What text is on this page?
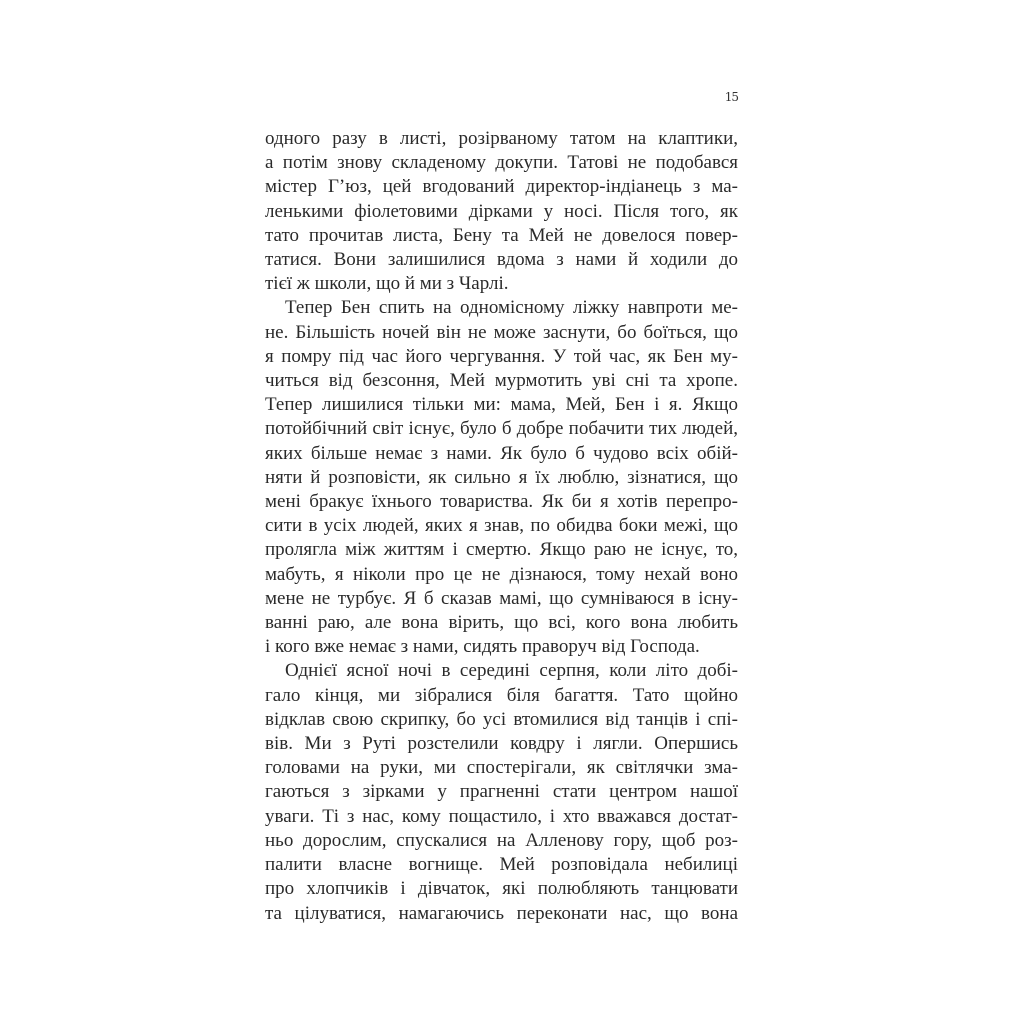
15
одного разу в листі, розірваному татом на клаптики,
а потім знову складеному докупи. Татові не подобався
містер Г’юз, цей вгодований директор-індіанець з ма-
ленькими фіолетовими дірками у носі. Після того, як
тато прочитав листа, Бену та Мей не довелося повер-
татися. Вони залишилися вдома з нами й ходили до
тієї ж школи, що й ми з Чарлі.
Тепер Бен спить на одномісному ліжку навпроти ме-
не. Більшість ночей він не може заснути, бо боїться, що
я помру під час його чергування. У той час, як Бен му-
читься від безсоння, Мей мурмотить уві сні та хропе.
Тепер лишилися тільки ми: мама, Мей, Бен і я. Якщо
потойбічний світ існує, було б добре побачити тих людей,
яких більше немає з нами. Як було б чудово всіх обій-
няти й розповісти, як сильно я їх люблю, зізнатися, що
мені бракує їхнього товариства. Як би я хотів перепро-
сити в усіх людей, яких я знав, по обидва боки межі, що
пролягла між життям і смертю. Якщо раю не існує, то,
мабуть, я ніколи про це не дізнаюся, тому нехай воно
мене не турбує. Я б сказав мамі, що сумніваюся в існу-
ванні раю, але вона вірить, що всі, кого вона любить
і кого вже немає з нами, сидять праворуч від Господа.
Однієї ясної ночі в середині серпня, коли літо добі-
гало кінця, ми зібралися біля багаття. Тато щойно
відклав свою скрипку, бо усі втомилися від танців і спі-
вів. Ми з Руті розстелили ковдру і лягли. Опершись
головами на руки, ми спостерігали, як світлячки зма-
гаються з зірками у прагненні стати центром нашої
уваги. Ті з нас, кому пощастило, і хто вважався достат-
ньо дорослим, спускалися на Алленову гору, щоб роз-
палити власне вогнище. Мей розповідала небилиці
про хлопчиків і дівчаток, які полюбляють танцювати
та цілуватися, намагаючись переконати нас, що вона
